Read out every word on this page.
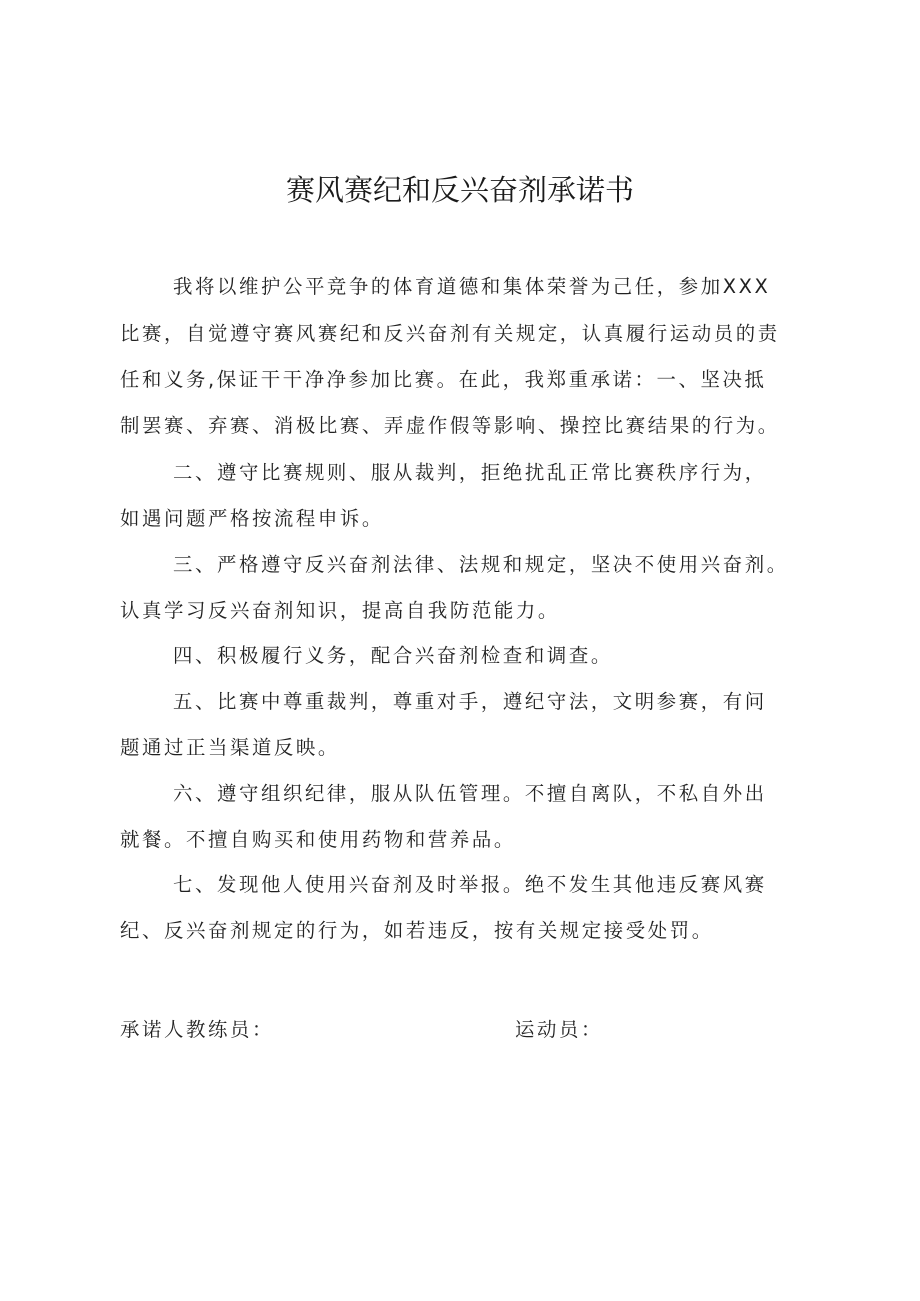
赛风赛纪和反兴奋剂承诺书
我将以维护公平竞争的体育道德和集体荣誉为己任，参加XXX
比赛，自觉遵守赛风赛纪和反兴奋剂有关规定，认真履行运动员的责
任和义务,保证干干净净参加比赛。在此，我郑重承诺：一、坚决抵
制罢赛、弃赛、消极比赛、弄虚作假等影响、操控比赛结果的行为。
二、遵守比赛规则、服从裁判，拒绝扰乱正常比赛秩序行为，
如遇问题严格按流程申诉。
三、严格遵守反兴奋剂法律、法规和规定，坚决不使用兴奋剂。
认真学习反兴奋剂知识，提高自我防范能力。
四、积极履行义务，配合兴奋剂检查和调查。
五、比赛中尊重裁判，尊重对手，遵纪守法，文明参赛，有问
题通过正当渠道反映。
六、遵守组织纪律，服从队伍管理。不擅自离队，不私自外出
就餐。不擅自购买和使用药物和营养品。
七、发现他人使用兴奋剂及时举报。绝不发生其他违反赛风赛
纪、反兴奋剂规定的行为，如若违反，按有关规定接受处罚。
承诺人教练员：	运动员：
